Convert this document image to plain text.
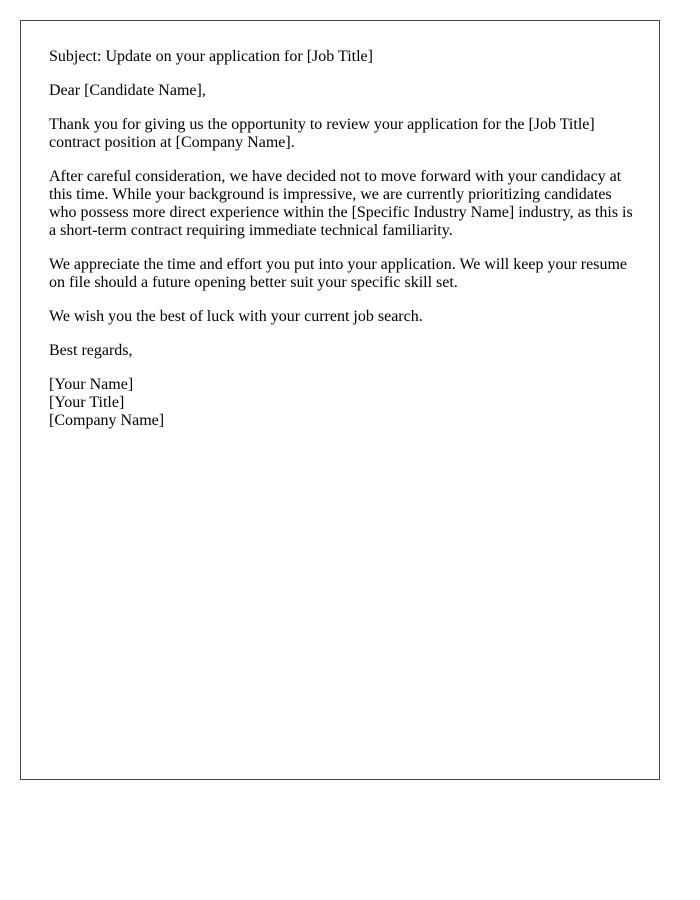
Subject: Update on your application for [Job Title]

Dear [Candidate Name],

Thank you for giving us the opportunity to review your application for the [Job Title] contract position at [Company Name].

After careful consideration, we have decided not to move forward with your candidacy at this time. While your background is impressive, we are currently prioritizing candidates who possess more direct experience within the [Specific Industry Name] industry, as this is a short-term contract requiring immediate technical familiarity.

We appreciate the time and effort you put into your application. We will keep your resume on file should a future opening better suit your specific skill set.

We wish you the best of luck with your current job search.

Best regards,

[Your Name]
[Your Title]
[Company Name]
